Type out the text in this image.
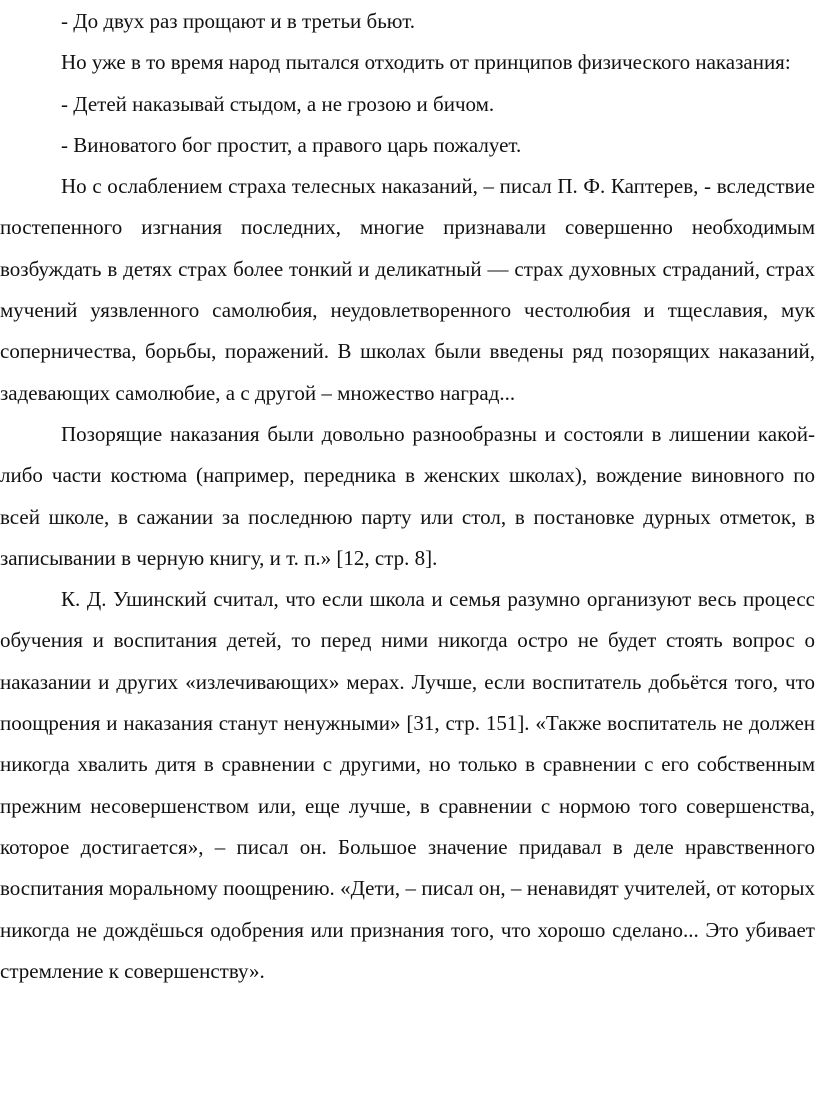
- До двух раз прощают и в третьи бьют.

Но уже в то время народ пытался отходить от принципов физического наказания:

- Детей наказывай стыдом, а не грозою и бичом.

- Виноватого бог простит, а правого царь пожалует.

Но с ослаблением страха телесных наказаний, – писал П. Ф. Каптерев, - вследствие постепенного изгнания последних, многие признавали совершенно необходимым возбуждать в детях страх более тонкий и деликатный — страх духовных страданий, страх мучений уязвленного самолюбия, неудовлетворенного честолюбия и тщеславия, мук соперничества, борьбы, поражений. В школах были введены ряд позорящих наказаний, задевающих самолюбие, а с другой – множество наград...

Позорящие наказания были довольно разнообразны и состояли в лишении какой-либо части костюма (например, передника в женских школах), вождение виновного по всей школе, в сажании за последнюю парту или стол, в постановке дурных отметок, в записывании в черную книгу, и т. п.» [12, стр. 8].

К. Д. Ушинский считал, что если школа и семья разумно организуют весь процесс обучения и воспитания детей, то перед ними никогда остро не будет стоять вопрос о наказании и других «излечивающих» мерах. Лучше, если воспитатель добьётся того, что поощрения и наказания станут ненужными» [31, стр. 151]. «Также воспитатель не должен никогда хвалить дитя в сравнении с другими, но только в сравнении с его собственным прежним несовершенством или, еще лучше, в сравнении с нормою того совершенства, которое достигается», – писал он. Большое значение придавал в деле нравственного воспитания моральному поощрению. «Дети, – писал он, – ненавидят учителей, от которых никогда не дождёшься одобрения или признания того, что хорошо сделано... Это убивает стремление к совершенству».
